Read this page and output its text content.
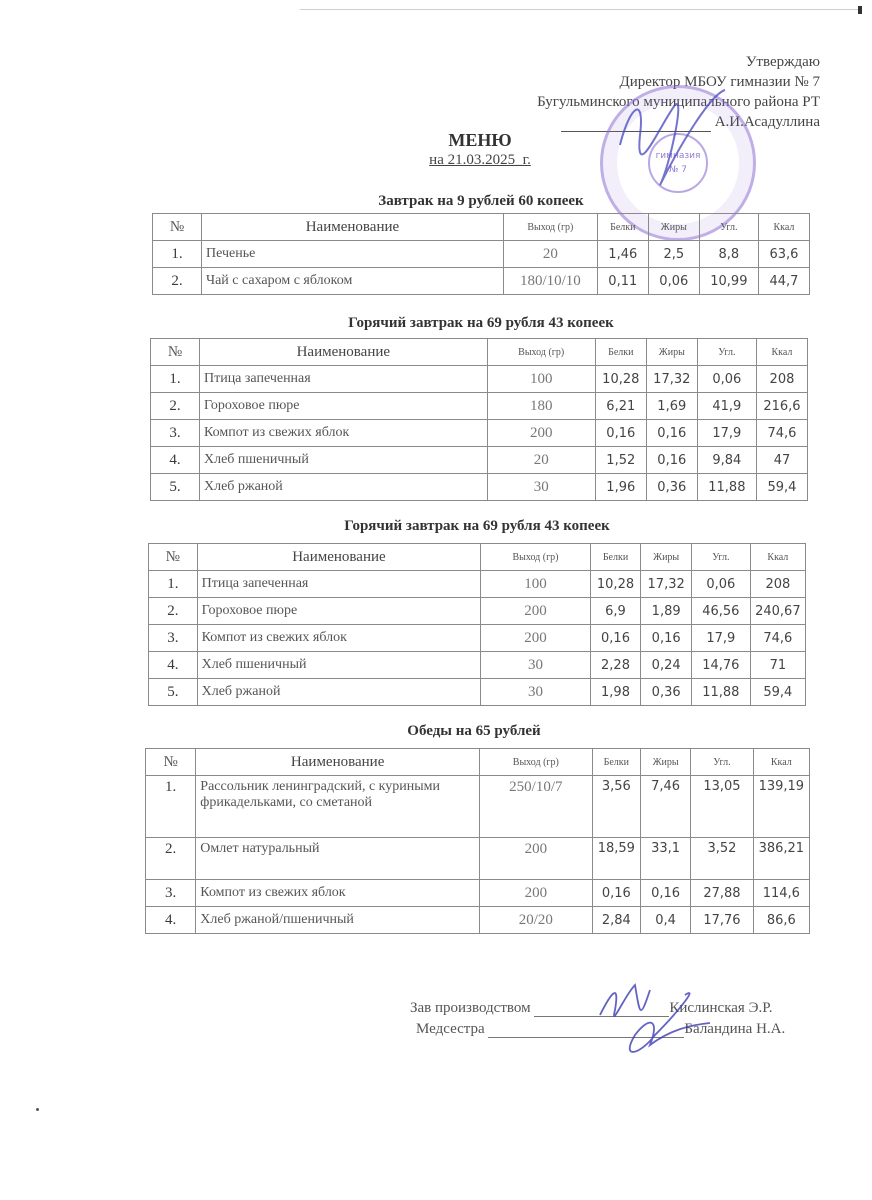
Утверждаю
Директор МБОУ гимназии № 7
Бугульминского муниципального района РТ
А.И.Асадуллина
гимназия
№ 7
МЕНЮ
на 21.03.2025_г.
Завтрак на 9 рублей 60 копеек
№	Наименование	Выход (гр)	Белки	Жиры	Угл.	Ккал
1.	Печенье	20	1,46	2,5	8,8	63,6
2.	Чай с сахаром с яблоком	180/10/10	0,11	0,06	10,99	44,7
Горячий завтрак на 69 рубля 43 копеек
№	Наименование	Выход (гр)	Белки	Жиры	Угл.	Ккал
1.	Птица запеченная	100	10,28	17,32	0,06	208
2.	Гороховое пюре	180	6,21	1,69	41,9	216,6
3.	Компот из свежих яблок	200	0,16	0,16	17,9	74,6
4.	Хлеб пшеничный	20	1,52	0,16	9,84	47
5.	Хлеб ржаной	30	1,96	0,36	11,88	59,4
Горячий завтрак на 69 рубля 43 копеек
№	Наименование	Выход (гр)	Белки	Жиры	Угл.	Ккал
1.	Птица запеченная	100	10,28	17,32	0,06	208
2.	Гороховое пюре	200	6,9	1,89	46,56	240,67
3.	Компот из свежих яблок	200	0,16	0,16	17,9	74,6
4.	Хлеб пшеничный	30	2,28	0,24	14,76	71
5.	Хлеб ржаной	30	1,98	0,36	11,88	59,4
Обеды на 65 рублей
№	Наименование	Выход (гр)	Белки	Жиры	Угл.	Ккал
1.	Рассольник ленинградский, с куриными фрикадельками, со сметаной	250/10/7	3,56	7,46	13,05	139,19
2.	Омлет натуральный	200	18,59	33,1	3,52	386,21
3.	Компот из свежих яблок	200	0,16	0,16	27,88	114,6
4.	Хлеб ржаной/пшеничный	20/20	2,84	0,4	17,76	86,6
Зав производством	Кислинская Э.Р.
Медсестра	Баландина Н.А.
